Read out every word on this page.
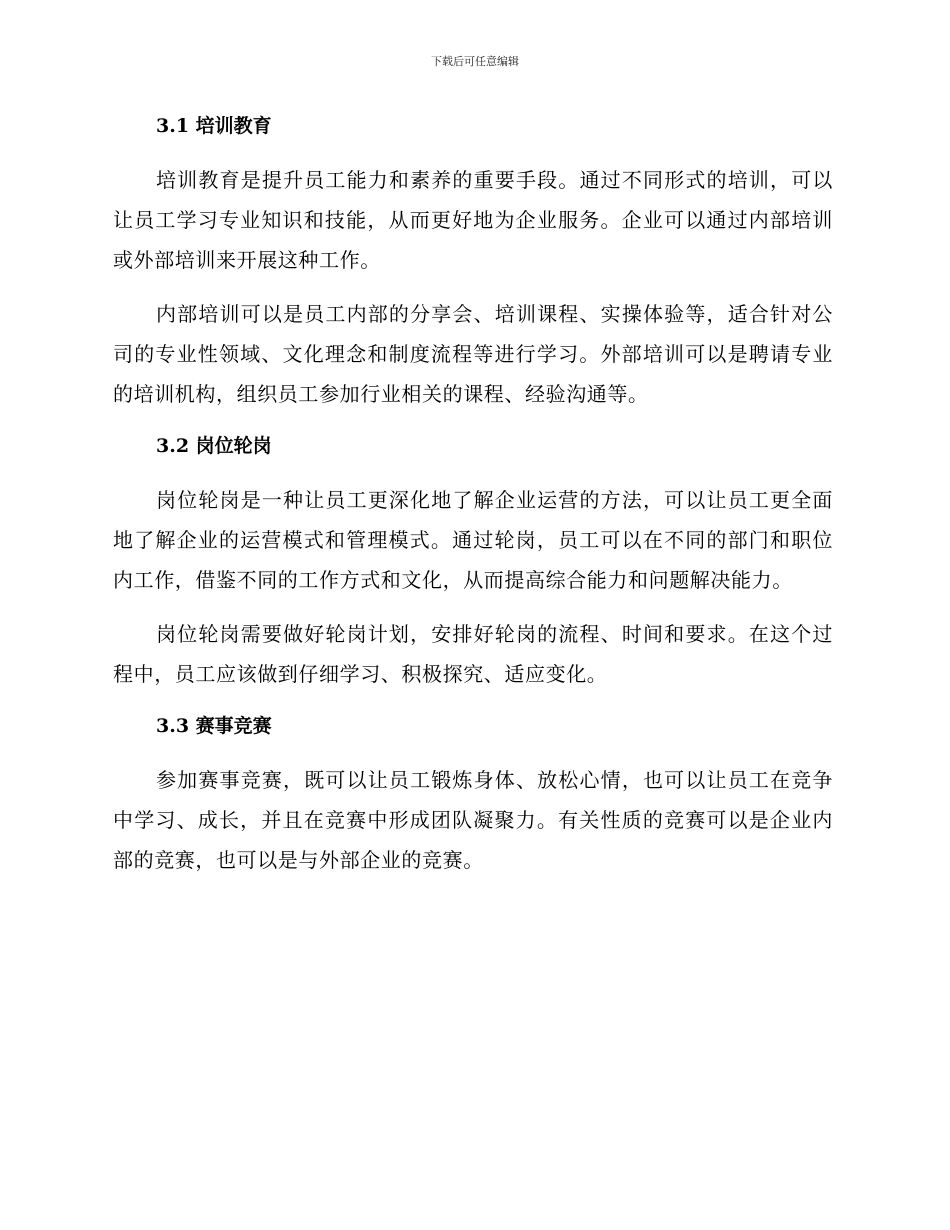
下载后可任意编辑
3.1 培训教育

培训教育是提升员工能力和素养的重要手段。通过不同形式的培训，可以让员工学习专业知识和技能，从而更好地为企业服务。企业可以通过内部培训或外部培训来开展这种工作。

内部培训可以是员工内部的分享会、培训课程、实操体验等，适合针对公司的专业性领域、文化理念和制度流程等进行学习。外部培训可以是聘请专业的培训机构，组织员工参加行业相关的课程、经验沟通等。

3.2 岗位轮岗

岗位轮岗是一种让员工更深化地了解企业运营的方法，可以让员工更全面地了解企业的运营模式和管理模式。通过轮岗，员工可以在不同的部门和职位内工作，借鉴不同的工作方式和文化，从而提高综合能力和问题解决能力。

岗位轮岗需要做好轮岗计划，安排好轮岗的流程、时间和要求。在这个过程中，员工应该做到仔细学习、积极探究、适应变化。

3.3 赛事竞赛

参加赛事竞赛，既可以让员工锻炼身体、放松心情，也可以让员工在竞争中学习、成长，并且在竞赛中形成团队凝聚力。有关性质的竞赛可以是企业内部的竞赛，也可以是与外部企业的竞赛。
